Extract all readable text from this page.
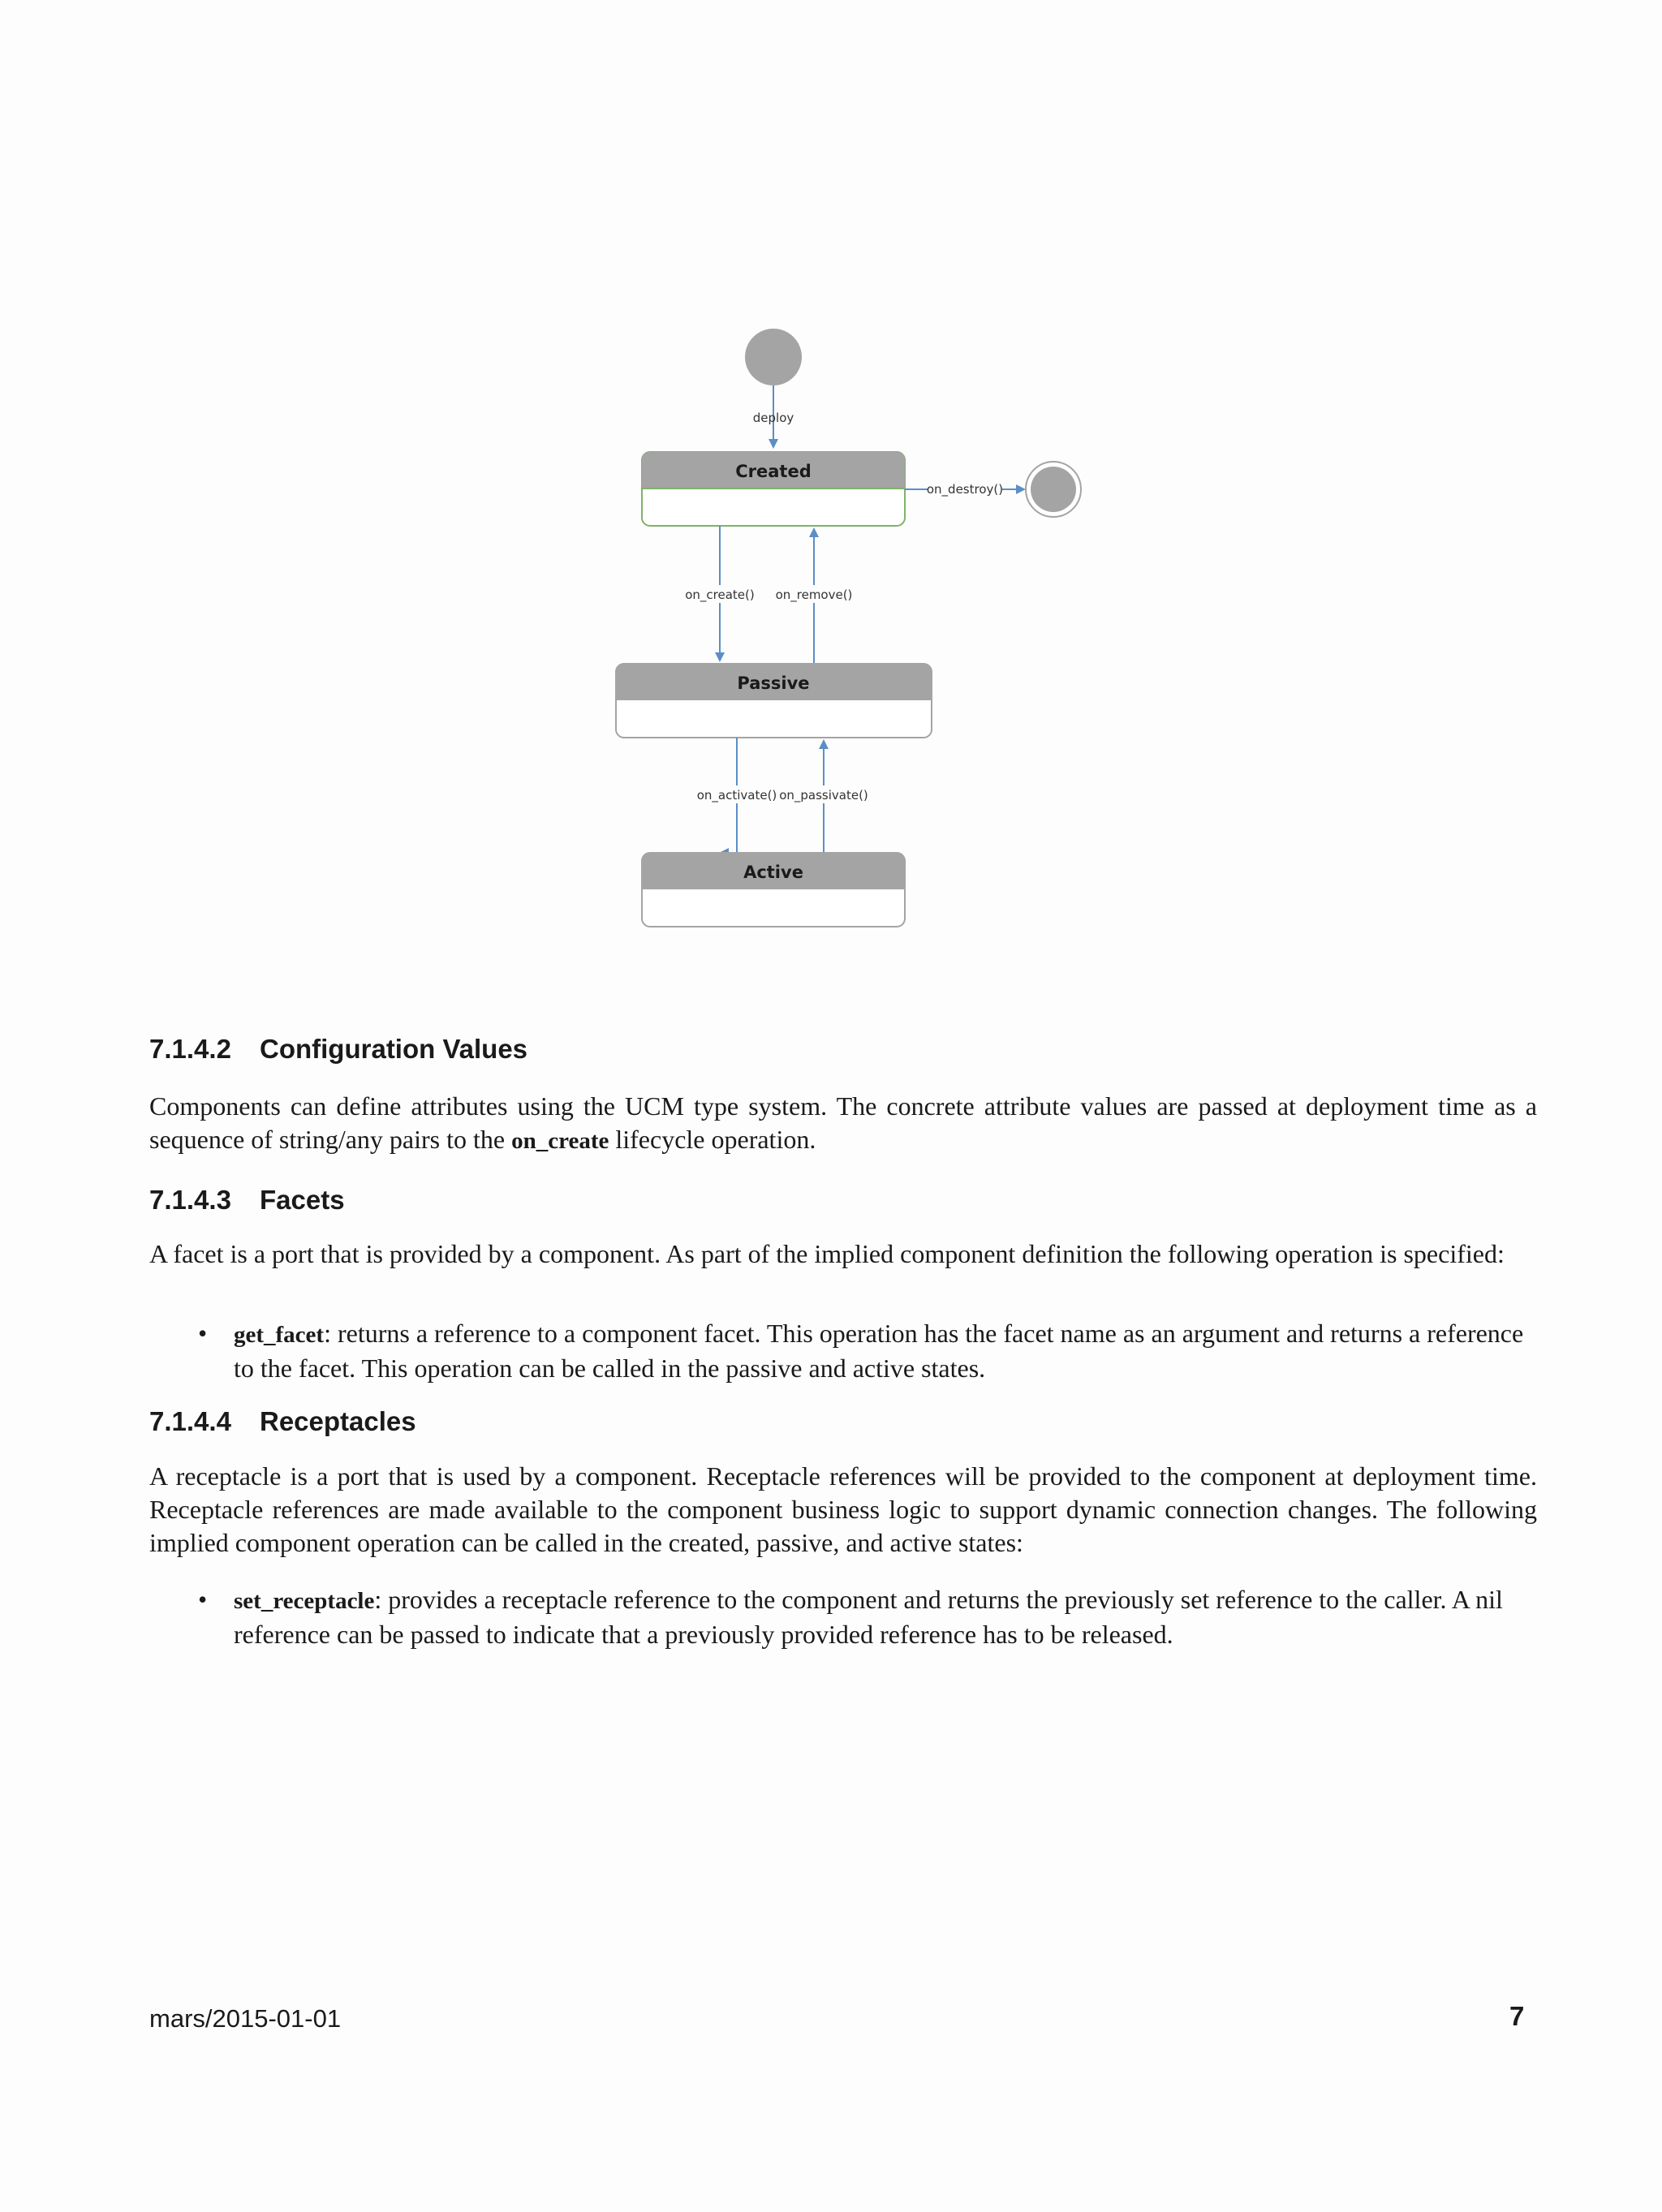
deploy
Created
on_destroy()
on_create() on_remove()
Passive
on_activate() on_passivate()
Active
7.1.4.2 Configuration Values

Components can define attributes using the UCM type system. The concrete attribute values are passed at deployment time as a sequence of string/any pairs to the on_create lifecycle operation.

7.1.4.3 Facets

A facet is a port that is provided by a component. As part of the implied component definition the following operation is specified:

• get_facet: returns a reference to a component facet. This operation has the facet name as an argument and returns a reference to the facet. This operation can be called in the passive and active states.

7.1.4.4 Receptacles

A receptacle is a port that is used by a component. Receptacle references will be provided to the component at deployment time. Receptacle references are made available to the component business logic to support dynamic connection changes. The following implied component operation can be called in the created, passive, and active states:

• set_receptacle: provides a receptacle reference to the component and returns the previously set reference to the caller. A nil reference can be passed to indicate that a previously provided reference has to be released.

mars/2015-01-01	7
